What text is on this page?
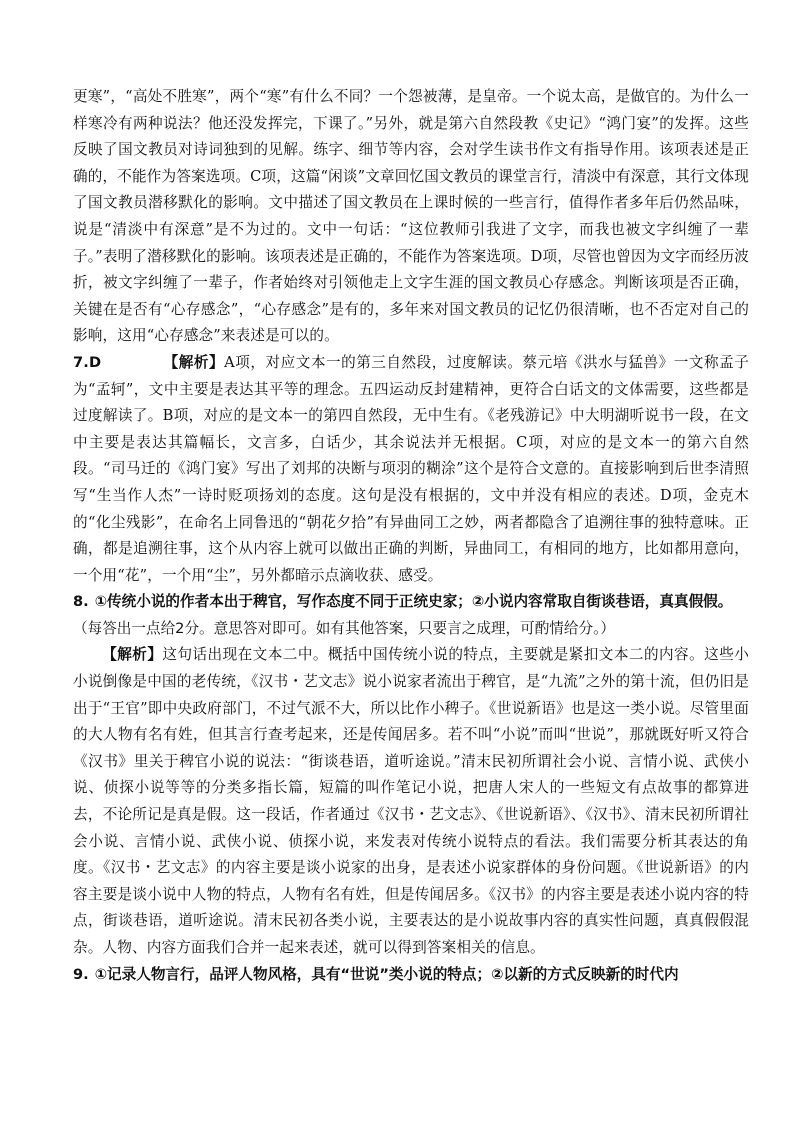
更寒”，“高处不胜寒”，两个“寒”有什么不同？一个怨被薄，是皇帝。一个说太高，是做官的。为什么一样寒冷有两种说法？他还没发挥完，下课了。”另外，就是第六自然段教《史记》“鸿门宴”的发挥。这些反映了国文教员对诗词独到的见解。练字、细节等内容，会对学生读书作文有指导作用。该项表述是正确的，不能作为答案选项。C项，这篇“闲谈”文章回忆国文教员的课堂言行，清淡中有深意，其行文体现了国文教员潜移默化的影响。文中描述了国文教员在上课时候的一些言行，值得作者多年后仍然品味，说是“清淡中有深意”是不为过的。文中一句话：“这位教师引我进了文字，而我也被文字纠缠了一辈子。”表明了潜移默化的影响。该项表述是正确的，不能作为答案选项。D项，尽管也曾因为文字而经历波折，被文字纠缠了一辈子，作者始终对引领他走上文字生涯的国文教员心存感念。判断该项是否正确，关键在是否有“心存感念”，“心存感念”是有的，多年来对国文教员的记忆仍很清晰，也不否定对自己的影响，这用“心存感念”来表述是可以的。

7.D	【解析】A项，对应文本一的第三自然段，过度解读。蔡元培《洪水与猛兽》一文称孟子为“孟轲”，文中主要是表达其平等的理念。五四运动反封建精神，更符合白话文的文体需要，这些都是过度解读了。B项，对应的是文本一的第四自然段，无中生有。《老残游记》中大明湖听说书一段，在文中主要是表达其篇幅长，文言多，白话少，其余说法并无根据。C项，对应的是文本一的第六自然段。“司马迁的《鸿门宴》写出了刘邦的决断与项羽的糊涂”这个是符合文意的。直接影响到后世李清照写“生当作人杰”一诗时贬项扬刘的态度。这句是没有根据的，文中并没有相应的表述。D项，金克木的“化尘残影”，在命名上同鲁迅的“朝花夕拾”有异曲同工之妙，两者都隐含了追溯往事的独特意味。正确，都是追溯往事，这个从内容上就可以做出正确的判断，异曲同工，有相同的地方，比如都用意向，一个用“花”，一个用“尘”，另外都暗示点滴收获、感受。

8. ①传统小说的作者本出于稗官，写作态度不同于正统史家；②小说内容常取自街谈巷语，真真假假。（每答出一点给2分。意思答对即可。如有其他答案，只要言之成理，可酌情给分。）

【解析】这句话出现在文本二中。概括中国传统小说的特点，主要就是紧扣文本二的内容。这些小小说倒像是中国的老传统，《汉书・艺文志》说小说家者流出于稗官，是“九流”之外的第十流，但仍旧是出于“王官”即中央政府部门，不过气派不大，所以比作小稗子。《世说新语》也是这一类小说。尽管里面的大人物有名有姓，但其言行查考起来，还是传闻居多。若不叫“小说”而叫“世说”，那就既好听又符合《汉书》里关于稗官小说的说法：“街谈巷语，道听途说。”清末民初所谓社会小说、言情小说、武侠小说、侦探小说等等的分类多指长篇，短篇的叫作笔记小说，把唐人宋人的一些短文有点故事的都算进去，不论所记是真是假。这一段话，作者通过《汉书・艺文志》、《世说新语》、《汉书》、清末民初所谓社会小说、言情小说、武侠小说、侦探小说，来发表对传统小说特点的看法。我们需要分析其表达的角度。《汉书・艺文志》的内容主要是谈小说家的出身，是表述小说家群体的身份问题。《世说新语》的内容主要是谈小说中人物的特点，人物有名有姓，但是传闻居多。《汉书》的内容主要是表述小说内容的特点，街谈巷语，道听途说。清末民初各类小说，主要表达的是小说故事内容的真实性问题，真真假假混杂。人物、内容方面我们合并一起来表述，就可以得到答案相关的信息。

9. ①记录人物言行，品评人物风格，具有“世说”类小说的特点；②以新的方式反映新的时代内
